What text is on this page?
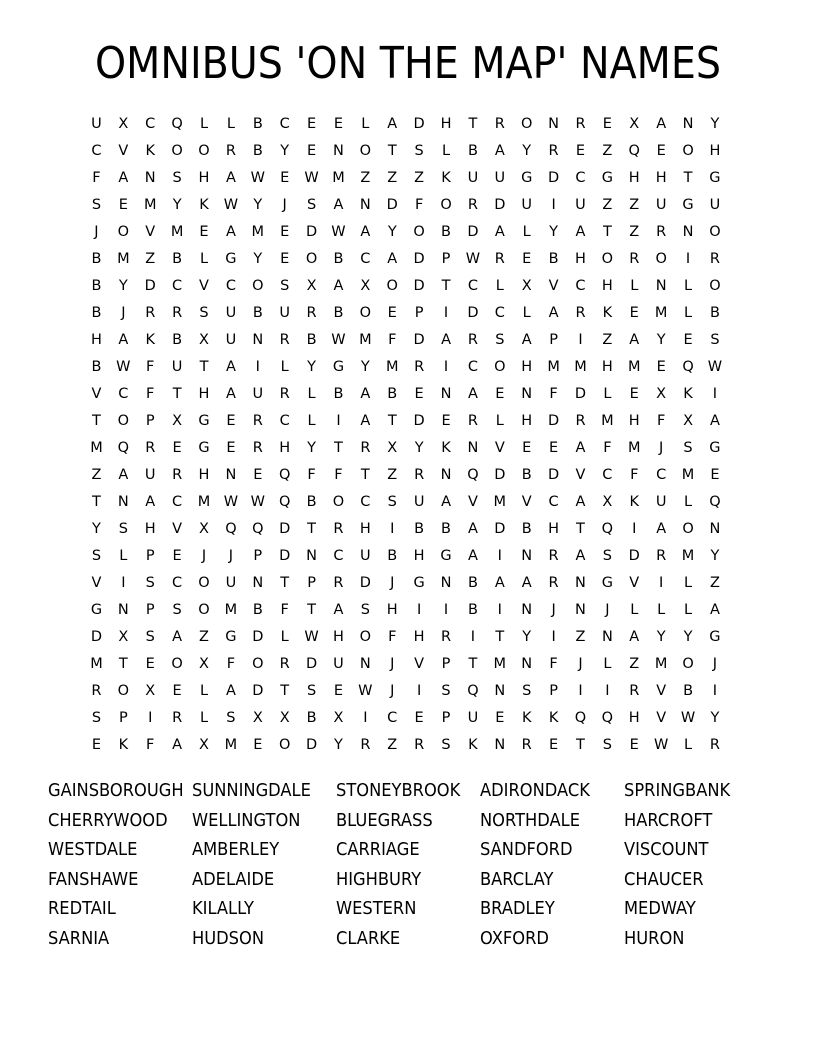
OMNIBUS 'ON THE MAP' NAMES
U	X	C	Q	L	L	B	C	E	E	L	A	D	H	T	R	O	N	R	E	X	A	N	Y
C	V	K	O	O	R	B	Y	E	N	O	T	S	L	B	A	Y	R	E	Z	Q	E	O	H
F	A	N	S	H	A	W	E	W M	Z	Z	Z	K	U	U	G	D	C	G	H	H	T	G
S	E	M	Y	K	W	Y	J	S	A	N	D	F	O	R	D	U	I	U	Z	Z	U	G	U
J	O	V	M	E	A	M	E	D W	A	Y	O	B	D	A	L	Y	A	T	Z	R	N	O
B	M	Z	B	L	G	Y	E	O	B	C	A	D	P	W	R	E	B	H	O	R	O	I	R
B	Y	D	C	V	C	O	S	X	A	X	O	D	T	C	L	X	V	C	H	L	N	L	O
B	J	R	R	S	U	B	U	R	B	O	E	P	I	D	C	L	A	R	K	E	M	L	B
H	A	K	B	X	U	N	R	B	W M	F	D	A	R	S	A	P	I	Z	A	Y	E	S
B	W	F	U	T	A	I	L	Y	G	Y	M	R	I	C	O	H	M M	H	M	E	Q W
V	C	F	T	H	A	U	R	L	B	A	B	E	N	A	E	N	F	D	L	E	X	K	I
T	O	P	X	G	E	R	C	L	I	A	T	D	E	R	L	H	D	R	M	H	F	X	A
M	Q	R	E	G	E	R	H	Y	T	R	X	Y	K	N	V	E	E	A	F	M	J	S	G
Z	A	U	R	H	N	E	Q	F	F	T	Z	R	N	Q	D	B	D	V	C	F	C	M	E
T	N	A	C	M W W Q	B	O	C	S	U	A	V	M	V	C	A	X	K	U	L	Q
Y	S	H	V	X	Q	Q	D	T	R	H	I	B	B	A	D	B	H	T	Q	I	A	O	N
S	L	P	E	J	J	P	D	N	C	U	B	H	G	A	I	N	R	A	S	D	R	M	Y
V	I	S	C	O	U	N	T	P	R	D	J	G	N	B	A	A	R	N	G	V	I	L	Z
G	N	P	S	O	M	B	F	T	A	S	H	I	I	B	I	N	J	N	J	L	L	L	A
D	X	S	A	Z	G	D	L	W H	O	F	H	R	I	T	Y	I	Z	N	A	Y	Y	G
M	T	E	O	X	F	O	R	D	U	N	J	V	P	T	M	N	F	J	L	Z	M	O	J
R	O	X	E	L	A	D	T	S	E	W	J	I	S	Q	N	S	P	I	I	R	V	B	I
S	P	I	R	L	S	X	X	B	X	I	C	E	P	U	E	K	K	Q	Q	H	V	W	Y
E	K	F	A	X	M	E	O	D	Y	R	Z	R	S	K	N	R	E	T	S	E	W	L	R
GAINSBOROUGH SUNNINGDALE	STONEYBROOK	ADIRONDACK	SPRINGBANK
CHERRYWOOD	WELLINGTON	BLUEGRASS	NORTHDALE	HARCROFT
WESTDALE	AMBERLEY	CARRIAGE	SANDFORD	VISCOUNT
FANSHAWE	ADELAIDE	HIGHBURY	BARCLAY	CHAUCER
REDTAIL	KILALLY	WESTERN	BRADLEY	MEDWAY
SARNIA	HUDSON	CLARKE	OXFORD	HURON
